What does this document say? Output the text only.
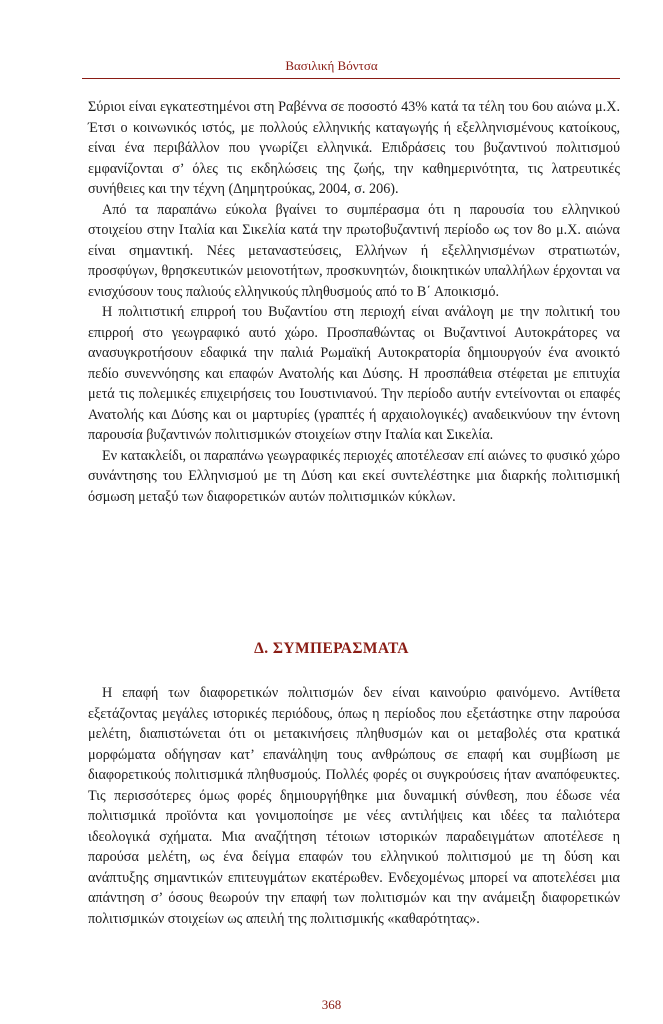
Βασιλική Βόντσα

Σύριοι είναι εγκατεστημένοι στη Ραβέννα σε ποσοστό 43% κατά τα τέλη του 6ου αιώνα μ.Χ. Έτσι ο κοινωνικός ιστός, με πολλούς ελληνικής καταγωγής ή εξελληνισμένους κατοίκους, είναι ένα περιβάλλον που γνωρίζει ελληνικά. Επιδράσεις του βυζαντινού πολιτισμού εμφανίζονται σ’ όλες τις εκδηλώσεις της ζωής, την καθημερινότητα, τις λατρευτικές συνήθειες και την τέχνη (Δημητρούκας, 2004, σ. 206).

Από τα παραπάνω εύκολα βγαίνει το συμπέρασμα ότι η παρουσία του ελληνικού στοιχείου στην Ιταλία και Σικελία κατά την πρωτοβυζαντινή περίοδο ως τον 8ο μ.Χ. αιώνα είναι σημαντική. Νέες μεταναστεύσεις, Ελλήνων ή εξελληνισμένων στρατιωτών, προσφύγων, θρησκευτικών μειονοτήτων, προσκυνητών, διοικητικών υπαλλήλων έρχονται να ενισχύσουν τους παλιούς ελληνικούς πληθυσμούς από το Β΄ Αποικισμό.

Η πολιτιστική επιρροή του Βυζαντίου στη περιοχή είναι ανάλογη με την πολιτική του επιρροή στο γεωγραφικό αυτό χώρο. Προσπαθώντας οι Βυζαντινοί Αυτοκράτορες να ανασυγκροτήσουν εδαφικά την παλιά Ρωμαϊκή Αυτοκρατορία δημιουργούν ένα ανοικτό πεδίο συνεννόησης και επαφών Ανατολής και Δύσης. Η προσπάθεια στέφεται με επιτυχία μετά τις πολεμικές επιχειρήσεις του Ιουστινιανού. Την περίοδο αυτήν εντείνονται οι επαφές Ανατολής και Δύσης και οι μαρτυρίες (γραπτές ή αρχαιολογικές) αναδεικνύουν την έντονη παρουσία βυζαντινών πολιτισμικών στοιχείων στην Ιταλία και Σικελία.

Εν κατακλείδι, οι παραπάνω γεωγραφικές περιοχές αποτέλεσαν επί αιώνες το φυσικό χώρο συνάντησης του Ελληνισμού με τη Δύση και εκεί συντελέστηκε μια διαρκής πολιτισμική όσμωση μεταξύ των διαφορετικών αυτών πολιτισμικών κύκλων.

Δ. ΣΥΜΠΕΡΑΣΜΑΤΑ

Η επαφή των διαφορετικών πολιτισμών δεν είναι καινούριο φαινόμενο. Αντίθετα εξετάζοντας μεγάλες ιστορικές περιόδους, όπως η περίοδος που εξετάστηκε στην παρούσα μελέτη, διαπιστώνεται ότι οι μετακινήσεις πληθυσμών και οι μεταβολές στα κρατικά μορφώματα οδήγησαν κατ’ επανάληψη τους ανθρώπους σε επαφή και συμβίωση με διαφορετικούς πολιτισμικά πληθυσμούς. Πολλές φορές οι συγκρούσεις ήταν αναπόφευκτες. Τις περισσότερες όμως φορές δημιουργήθηκε μια δυναμική σύνθεση, που έδωσε νέα πολιτισμικά προϊόντα και γονιμοποίησε με νέες αντιλήψεις και ιδέες τα παλιότερα ιδεολογικά σχήματα. Μια αναζήτηση τέτοιων ιστορικών παραδειγμάτων αποτέλεσε η παρούσα μελέτη, ως ένα δείγμα επαφών του ελληνικού πολιτισμού με τη δύση και ανάπτυξης σημαντικών επιτευγμάτων εκατέρωθεν. Ενδεχομένως μπορεί να αποτελέσει μια απάντηση σ’ όσους θεωρούν την επαφή των πολιτισμών και την ανάμειξη διαφορετικών πολιτισμικών στοιχείων ως απειλή της πολιτισμικής «καθαρότητας».

368
